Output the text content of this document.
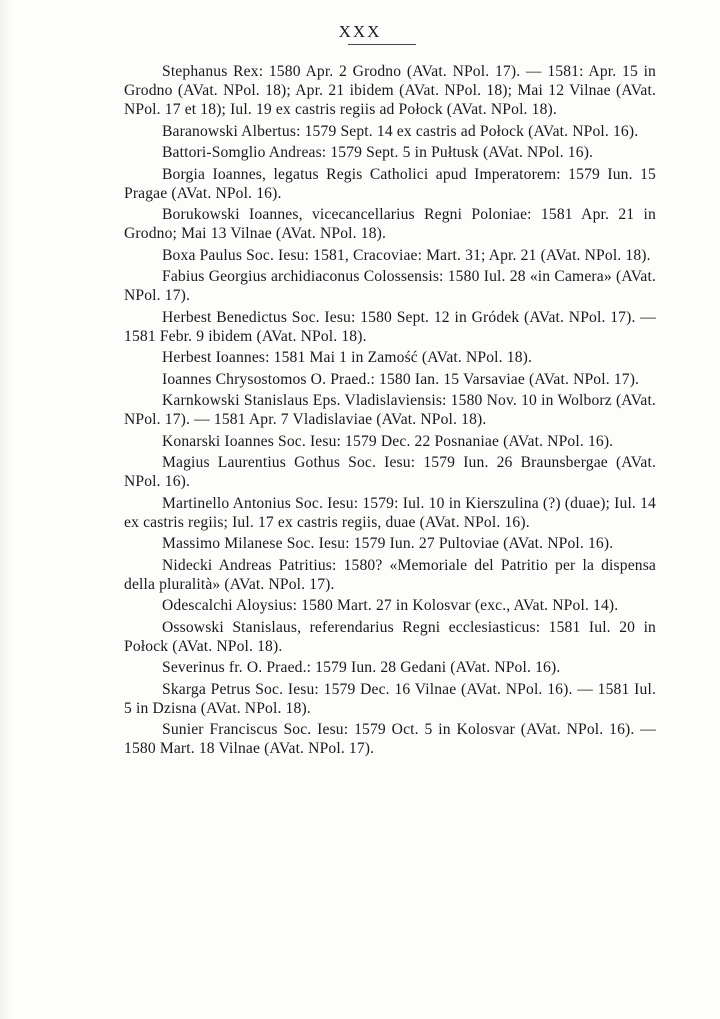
XXX

Stephanus Rex: 1580 Apr. 2 Grodno (AVat. NPol. 17). — 1581: Apr. 15 in Grodno (AVat. NPol. 18); Apr. 21 ibidem (AVat. NPol. 18); Mai 12 Vilnae (AVat. NPol. 17 et 18); Iul. 19 ex castris regiis ad Połock (AVat. NPol. 18).

Baranowski Albertus: 1579 Sept. 14 ex castris ad Połock (AVat. NPol. 16).

Battori-Somglio Andreas: 1579 Sept. 5 in Pułtusk (AVat. NPol. 16).

Borgia Ioannes, legatus Regis Catholici apud Imperatorem: 1579 Iun. 15 Pragae (AVat. NPol. 16).

Borukowski Ioannes, vicecancellarius Regni Poloniae: 1581 Apr. 21 in Grodno; Mai 13 Vilnae (AVat. NPol. 18).

Boxa Paulus Soc. Iesu: 1581, Cracoviae: Mart. 31; Apr. 21 (AVat. NPol. 18).

Fabius Georgius archidiaconus Colossensis: 1580 Iul. 28 «in Camera» (AVat. NPol. 17).

Herbest Benedictus Soc. Iesu: 1580 Sept. 12 in Gródek (AVat. NPol. 17). — 1581 Febr. 9 ibidem (AVat. NPol. 18).

Herbest Ioannes: 1581 Mai 1 in Zamość (AVat. NPol. 18).

Ioannes Chrysostomos O. Praed.: 1580 Ian. 15 Varsaviae (AVat. NPol. 17).

Karnkowski Stanislaus Eps. Vladislaviensis: 1580 Nov. 10 in Wolborz (AVat. NPol. 17). — 1581 Apr. 7 Vladislaviae (AVat. NPol. 18).

Konarski Ioannes Soc. Iesu: 1579 Dec. 22 Posnaniae (AVat. NPol. 16).

Magius Laurentius Gothus Soc. Iesu: 1579 Iun. 26 Braunsbergae (AVat. NPol. 16).

Martinello Antonius Soc. Iesu: 1579: Iul. 10 in Kierszulina (?) (duae); Iul. 14 ex castris regiis; Iul. 17 ex castris regiis, duae (AVat. NPol. 16).

Massimo Milanese Soc. Iesu: 1579 Iun. 27 Pultoviae (AVat. NPol. 16).

Nidecki Andreas Patritius: 1580? «Memoriale del Patritio per la dispensa della pluralità» (AVat. NPol. 17).

Odescalchi Aloysius: 1580 Mart. 27 in Kolosvar (exc., AVat. NPol. 14).

Ossowski Stanislaus, referendarius Regni ecclesiasticus: 1581 Iul. 20 in Połock (AVat. NPol. 18).

Severinus fr. O. Praed.: 1579 Iun. 28 Gedani (AVat. NPol. 16).

Skarga Petrus Soc. Iesu: 1579 Dec. 16 Vilnae (AVat. NPol. 16). — 1581 Iul. 5 in Dzisna (AVat. NPol. 18).

Sunier Franciscus Soc. Iesu: 1579 Oct. 5 in Kolosvar (AVat. NPol. 16). — 1580 Mart. 18 Vilnae (AVat. NPol. 17).
